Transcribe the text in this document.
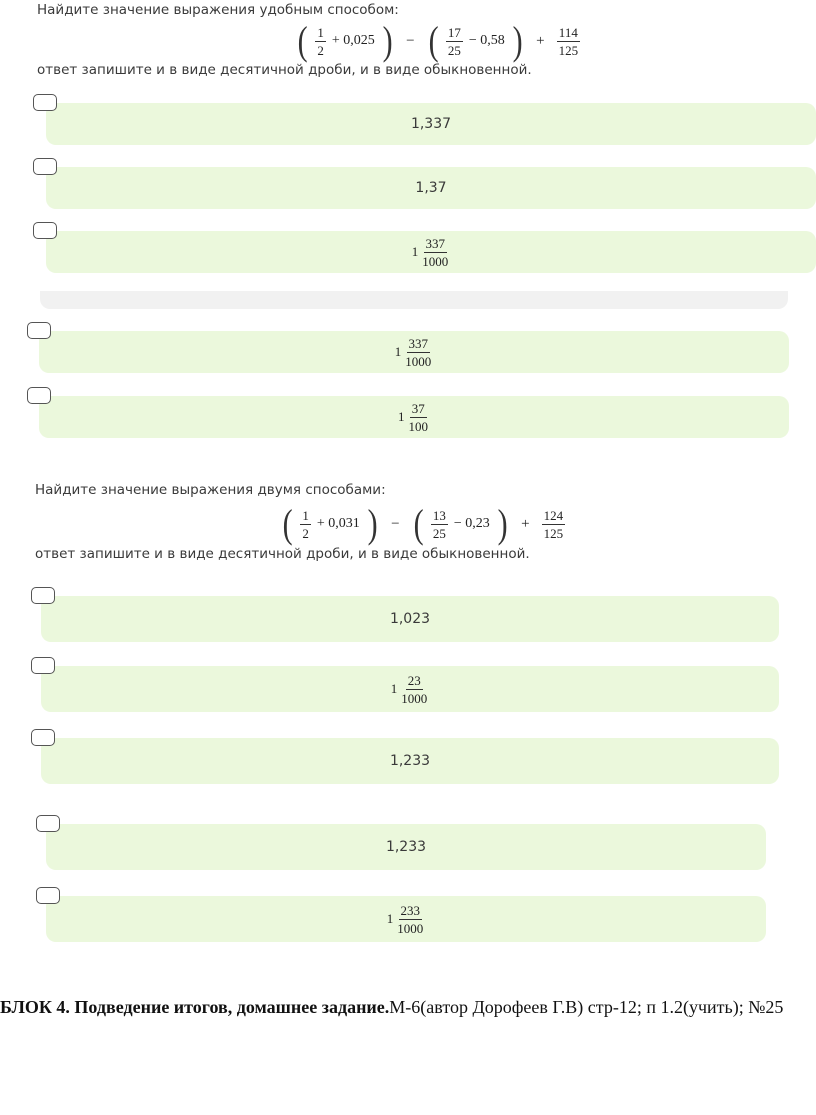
Найдите значение выражения удобным способом:
( $\frac{1}{2} + 0,025$ ) − ( $\frac{17}{25} - 0,58$ ) + $\frac{114}{125}$
ответ запишите и в виде десятичной дроби, и в виде обыкновенной.
1,337
1,37
$1 \frac{337}{1000}$
$1 \frac{337}{1000}$
$1 \frac{37}{100}$
Найдите значение выражения двумя способами:
( $\frac{1}{2} + 0,031$ ) − ( $\frac{13}{25} - 0,23$ ) + $\frac{124}{125}$
ответ запишите и в виде десятичной дроби, и в виде обыкновенной.
1,023
$1 \frac{23}{1000}$
1,233
1,233
$1 \frac{233}{1000}$
БЛОК 4. Подведение итогов, домашнее задание.М-6(автор Дорофеев Г.В) стр-12; п 1.2(учить); №25
